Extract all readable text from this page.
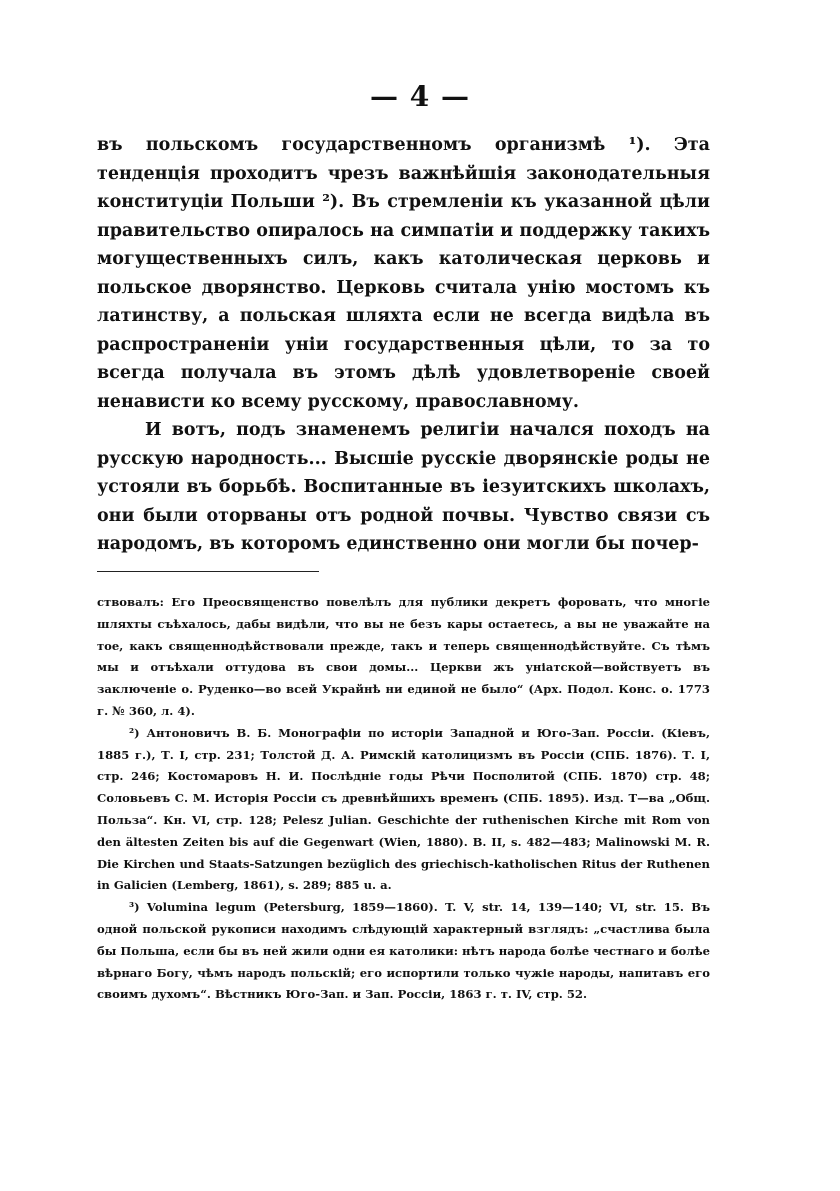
— 4 —

въ польскомъ государственномъ организмѣ ¹). Эта тенденція проходитъ чрезъ важнѣйшія законодательныя конституціи Польши ²). Въ стремленіи къ указанной цѣли правительство опиралось на симпатіи и поддержку такихъ могущественныхъ силъ, какъ католическая церковь и польское дворянство. Церковь считала унію мостомъ къ латинству, а польская шляхта если не всегда видѣла въ распространеніи уніи государственныя цѣли, то за то всегда получала въ этомъ дѣлѣ удовлетвореніе своей ненависти ко всему русскому, православному.

И вотъ, подъ знаменемъ религіи начался походъ на русскую народность... Высшіе русскіе дворянскіе роды не устояли въ борьбѣ. Воспитанные въ іезуитскихъ школахъ, они были оторваны отъ родной почвы. Чувство связи съ народомъ, въ которомъ единственно они могли бы почер-

ствовалъ: Его Преосвященство повелѣлъ для публики декретъ форовать, что многіе шляхты съѣхалось, дабы видѣли, что вы не безъ кары остаетесь, а вы не уважайте на тое, какъ священнодѣйствовали прежде, такъ и теперь священнодѣйствуйте. Съ тѣмъ мы и отъѣхали оттудова въ свои домы... Церкви жъ уніатской—войствуетъ въ заключеніе о. Руденко—во всей Украйнѣ ни единой не было“ (Арх. Подол. Конс. о. 1773 г. № 360, л. 4).

²) Антоновичъ В. Б. Монографіи по исторіи Западной и Юго-Зап. Россіи. (Кіевъ, 1885 г.), Т. I, стр. 231; Толстой Д. А. Римскій католицизмъ въ Россіи (СПБ. 1876). Т. I, стр. 246; Костомаровъ Н. И. Послѣдніе годы Рѣчи Посполитой (СПБ. 1870) стр. 48; Соловьевъ С. М. Исторія Россіи съ древнѣйшихъ временъ (СПБ. 1895). Изд. Т—ва „Общ. Польза“. Кн. VI, стр. 128; Pelesz Julian. Geschichte der ruthenischen Kirche mit Rom von den ältesten Zeiten bis auf die Gegenwart (Wien, 1880). B. II, s. 482—483; Malinowski M. R. Die Kirchen und Staats-Satzungen bezüglich des griechisch-katholischen Ritus der Ruthenen in Galicien (Lemberg, 1861), s. 289; 885 u. a.

³) Volumina legum (Petersburg, 1859—1860). T. V, str. 14, 139—140; VI, str. 15. Въ одной польской рукописи находимъ слѣдующій характерный взглядъ: „счастлива была бы Польша, если бы въ ней жили одни ея католики: нѣтъ народа болѣе честнаго и болѣе вѣрнаго Богу, чѣмъ народъ польскій; его испортили только чужіе народы, напитавъ его своимъ духомъ“. Вѣстникъ Юго-Зап. и Зап. Россіи, 1863 г. т. IV, стр. 52.
